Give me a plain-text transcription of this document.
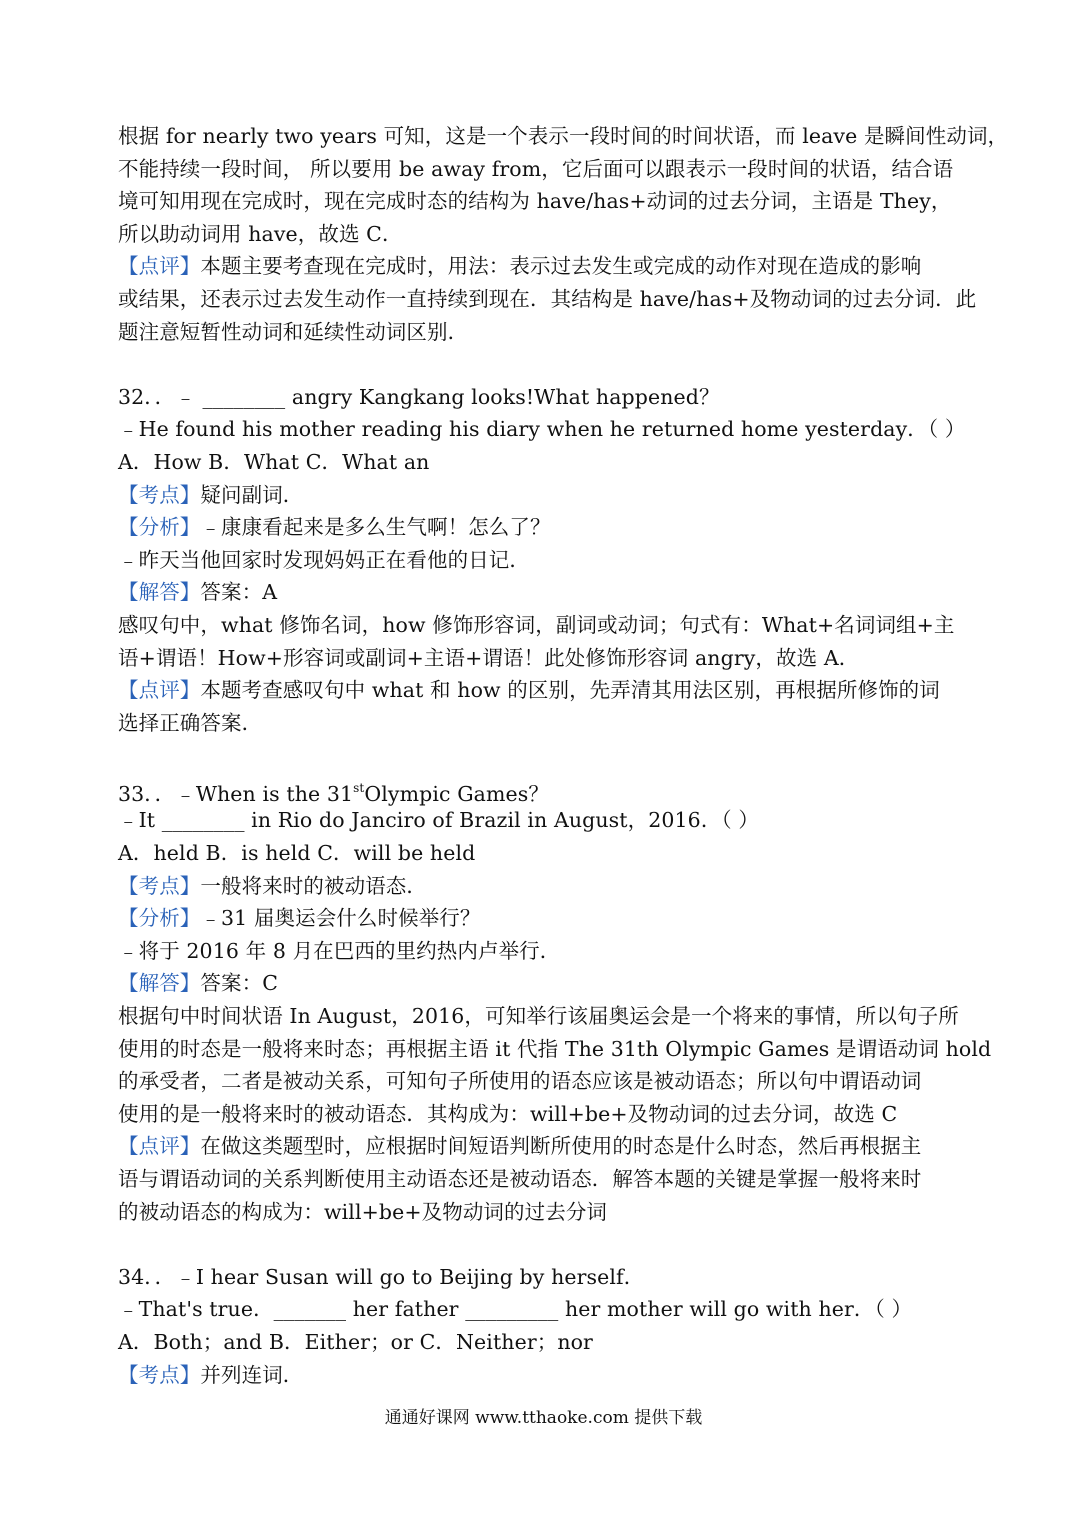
根据 for nearly two years 可知，这是一个表示一段时间的时间状语，而 leave 是瞬间性动词，
不能持续一段时间， 所以要用 be away from，它后面可以跟表示一段时间的状语，结合语
境可知用现在完成时，现在完成时态的结构为 have/has+动词的过去分词，主语是 They，
所以助动词用 have，故选 C．
【点评】本题主要考查现在完成时，用法：表示过去发生或完成的动作对现在造成的影响
或结果，还表示过去发生动作一直持续到现在．其结构是 have/has+及物动词的过去分词．此
题注意短暂性动词和延续性动词区别．
32．．﹣ ________ angry Kangkang looks!What happened？
﹣He found his mother reading his diary when he returned home yesterday．（ ）
A．How B．What C．What an
【考点】疑问副词．
【分析】﹣康康看起来是多么生气啊！怎么了？
﹣昨天当他回家时发现妈妈正在看他的日记．
【解答】答案：A
感叹句中，what 修饰名词，how 修饰形容词，副词或动词；句式有：What+名词词组+主
语+谓语！How+形容词或副词+主语+谓语！此处修饰形容词 angry，故选 A．
【点评】本题考查感叹句中 what 和 how 的区别，先弄清其用法区别，再根据所修饰的词
选择正确答案．
33．．﹣When is the 31stOlympic Games？
﹣It ________ in Rio do Janciro of Brazil in August，2016．（ ）
A．held B．is held C．will be held
【考点】一般将来时的被动语态．
【分析】﹣31 届奥运会什么时候举行？
﹣将于 2016 年 8 月在巴西的里约热内卢举行．
【解答】答案：C
根据句中时间状语 In August，2016，可知举行该届奥运会是一个将来的事情，所以句子所
使用的时态是一般将来时态；再根据主语 it 代指 The 31th Olympic Games 是谓语动词 hold
的承受者，二者是被动关系，可知句子所使用的语态应该是被动语态；所以句中谓语动词
使用的是一般将来时的被动语态．其构成为：will+be+及物动词的过去分词，故选 C
【点评】在做这类题型时，应根据时间短语判断所使用的时态是什么时态，然后再根据主
语与谓语动词的关系判断使用主动语态还是被动语态．解答本题的关键是掌握一般将来时
的被动语态的构成为：will+be+及物动词的过去分词
34．．﹣I hear Susan will go to Beijing by herself．
﹣That's true．_______ her father _________ her mother will go with her．（ ）
A．Both；and B．Either；or C．Neither；nor
【考点】并列连词．
通通好课网 www.tthaoke.com 提供下载
